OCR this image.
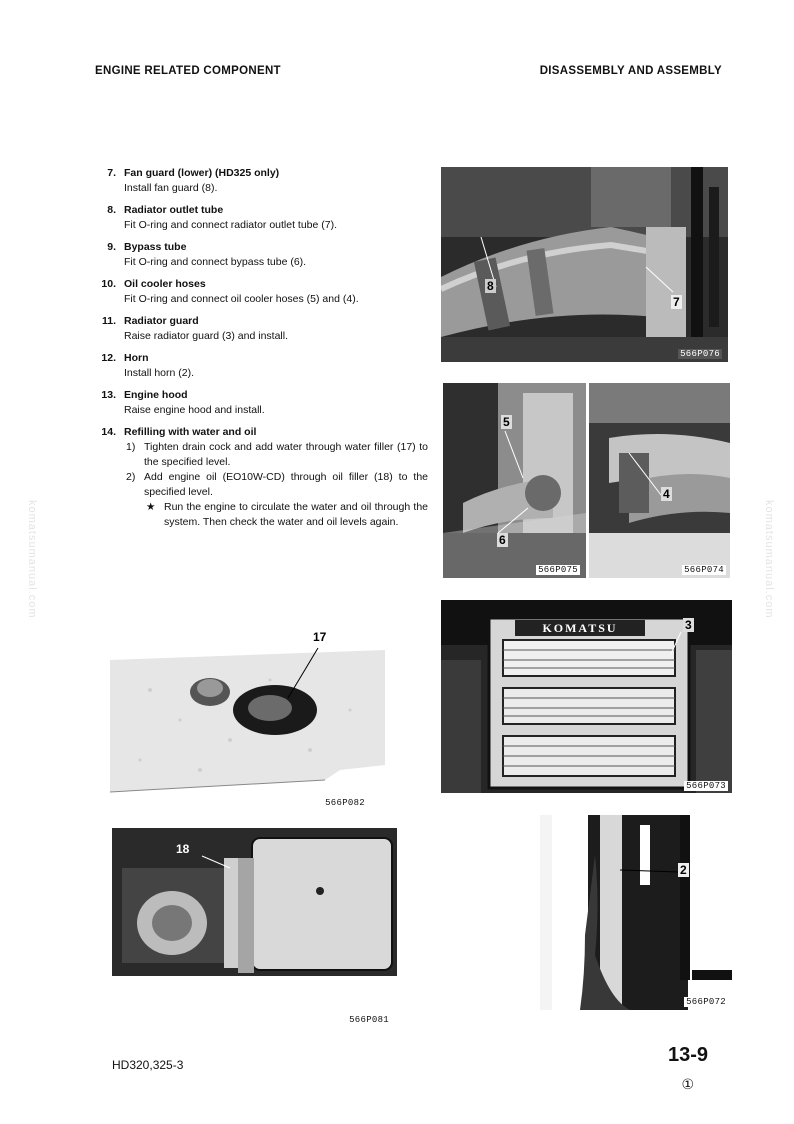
ENGINE RELATED COMPONENT	DISASSEMBLY AND ASSEMBLY
7. Fan guard (lower) (HD325 only)
Install fan guard (8).
8. Radiator outlet tube
Fit O-ring and connect radiator outlet tube (7).
9. Bypass tube
Fit O-ring and connect bypass tube (6).
10. Oil cooler hoses
Fit O-ring and connect oil cooler hoses (5) and (4).
11. Radiator guard
Raise radiator guard (3) and install.
12. Horn
Install horn (2).
13. Engine hood
Raise engine hood and install.
14. Refilling with water and oil
1) Tighten drain cock and add water through water filler (17) to the specified level.
2) Add engine oil (EO10W-CD) through oil filler (18) to the specified level.
★ Run the engine to circulate the water and oil through the system. Then check the water and oil levels again.
8
7
566P076
5
6
566P075
4
566P074
KOMATSU	3
566P073
17
566P082
18
566P081
2
566P072
komatsumanual.com	komatsumanual.com
HD320,325-3	13-9
①
